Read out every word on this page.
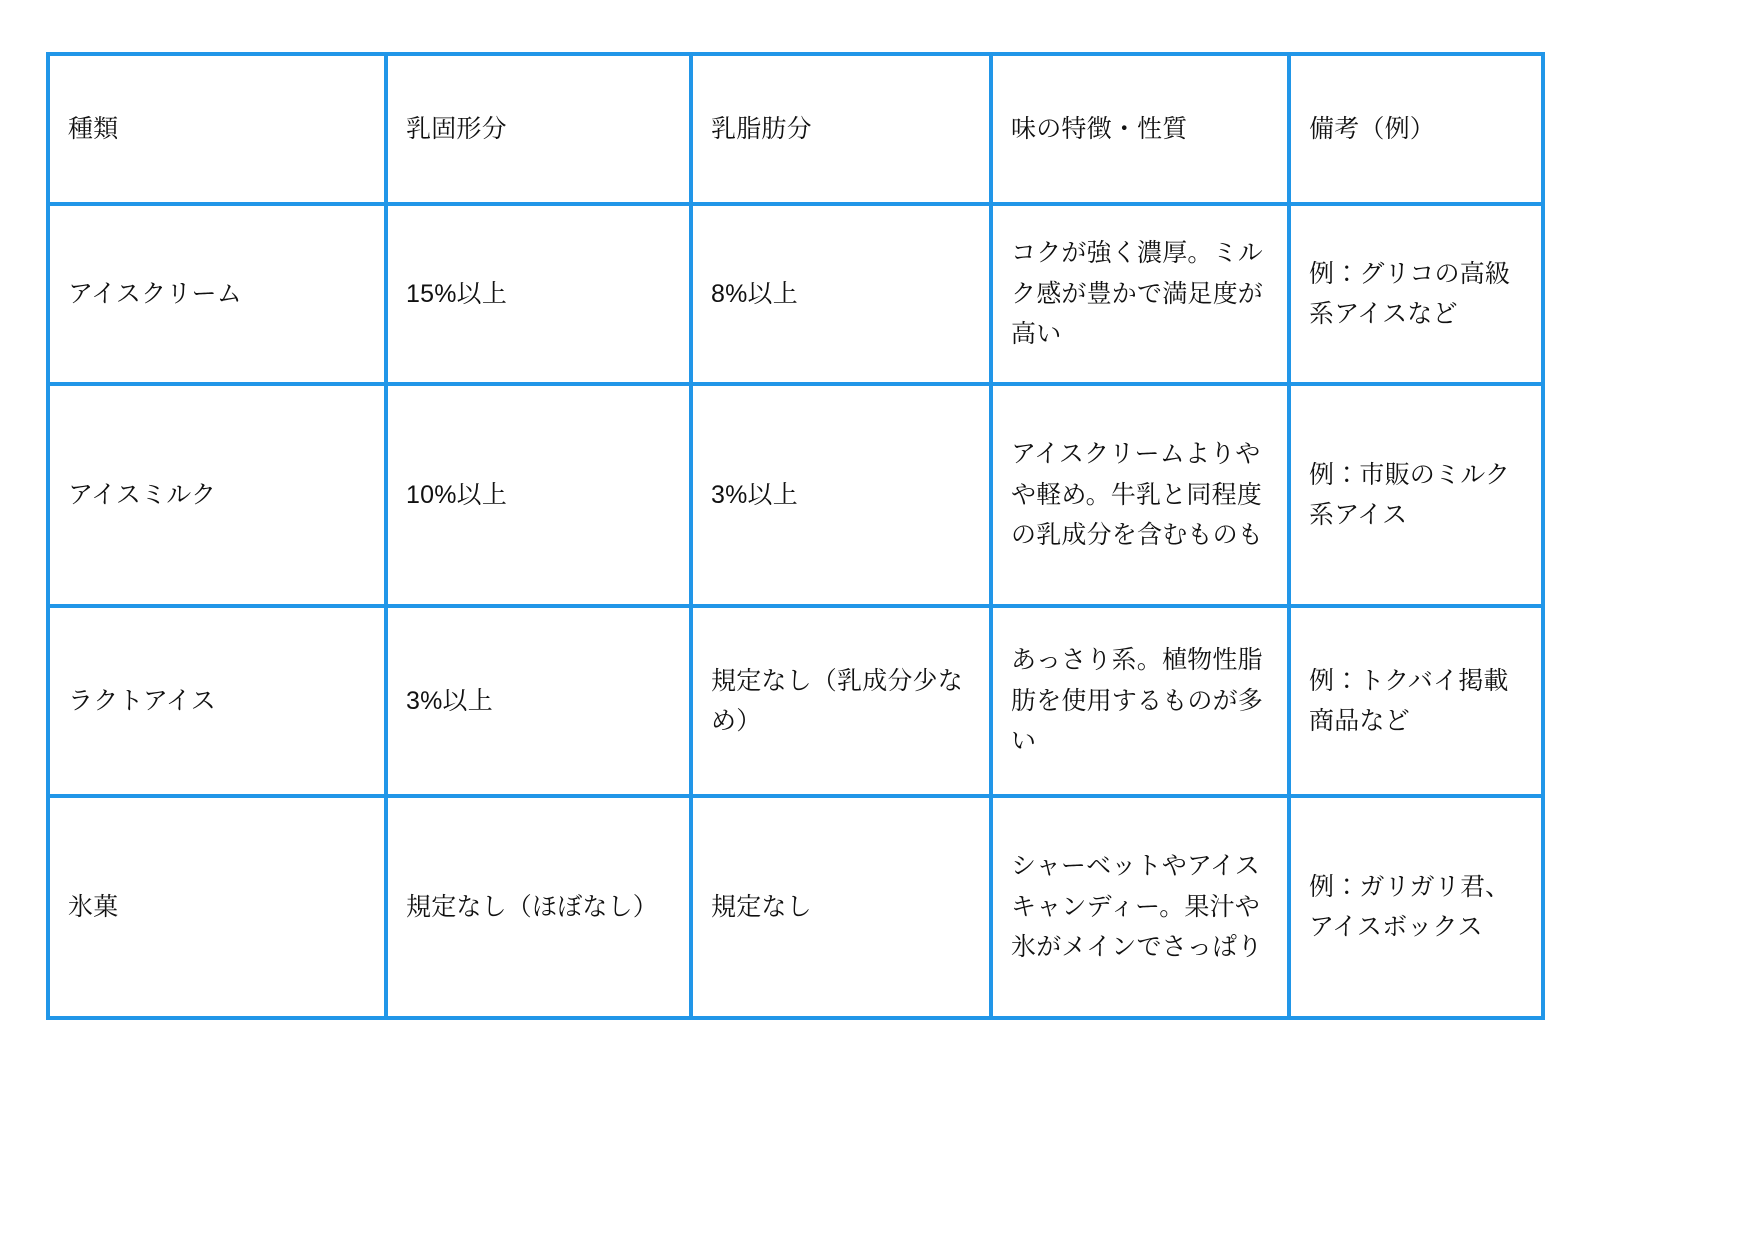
種類	乳固形分	乳脂肪分	味の特徴・性質	備考（例）
アイスクリーム	15%以上	8%以上	コクが強く濃厚。ミルク感が豊かで満足度が高い	例：グリコの高級系アイスなど
アイスミルク	10%以上	3%以上	アイスクリームよりやや軽め。牛乳と同程度の乳成分を含むものも	例：市販のミルク系アイス
ラクトアイス	3%以上	規定なし（乳成分少なめ）	あっさり系。植物性脂肪を使用するものが多い	例：トクバイ掲載商品など
氷菓	規定なし（ほぼなし）	規定なし	シャーベットやアイスキャンディー。果汁や氷がメインでさっぱり	例：ガリガリ君、アイスボックス
